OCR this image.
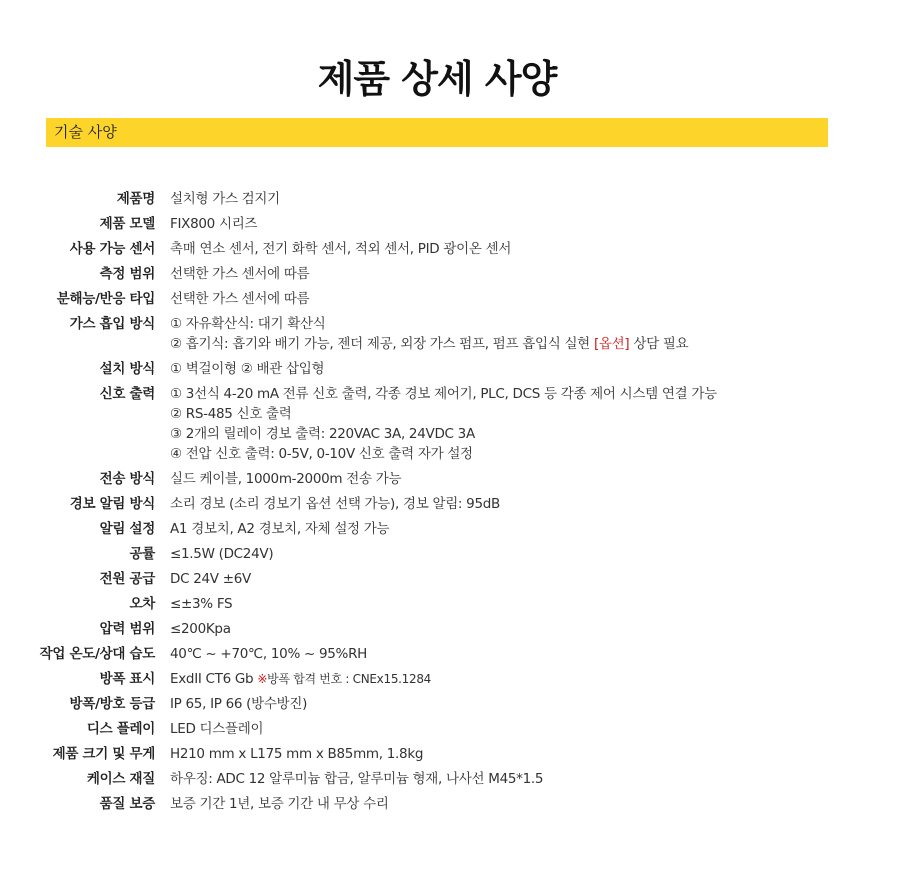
제품 상세 사양
기술 사양
제품명	설치형 가스 검지기

제품 모델	FIX800 시리즈

사용 가능 센서	촉매 연소 센서, 전기 화학 센서, 적외 센서, PID 광이온 센서

측정 범위	선택한 가스 센서에 따름

분해능/반응 타입	선택한 가스 센서에 따름

가스 흡입 방식	① 자유확산식: 대기 확산식
② 흡기식: 흡기와 배기 가능, 젠더 제공, 외장 가스 펌프, 펌프 흡입식 실현 [옵션] 상담 필요

설치 방식	① 벽걸이형 ② 배관 삽입형

신호 출력	① 3선식 4-20 mA 전류 신호 출력, 각종 경보 제어기, PLC, DCS 등 각종 제어 시스템 연결 가능
② RS-485 신호 출력
③ 2개의 릴레이 경보 출력: 220VAC 3A, 24VDC 3A
④ 전압 신호 출력: 0-5V, 0-10V 신호 출력 자가 설정

전송 방식	실드 케이블, 1000m-2000m 전송 가능

경보 알림 방식	소리 경보 (소리 경보기 옵션 선택 가능), 경보 알림: 95dB

알림 설정	A1 경보치, A2 경보치, 자체 설정 가능

공률	≤1.5W (DC24V)

전원 공급	DC 24V ±6V

오차	≤±3% FS

압력 범위	≤200Kpa

작업 온도/상대 습도	40℃ ~ +70℃, 10% ~ 95%RH

방폭 표시	ExdII CT6 Gb ※방폭 합격 번호 : CNEx15.1284

방폭/방호 등급	IP 65, IP 66 (방수방진)

디스 플레이	LED 디스플레이

제품 크기 및 무게	H210 mm x L175 mm x B85mm, 1.8kg

케이스 재질	하우징: ADC 12 알루미늄 합금, 알루미늄 형재, 나사선 M45*1.5

품질 보증	보증 기간 1년, 보증 기간 내 무상 수리
